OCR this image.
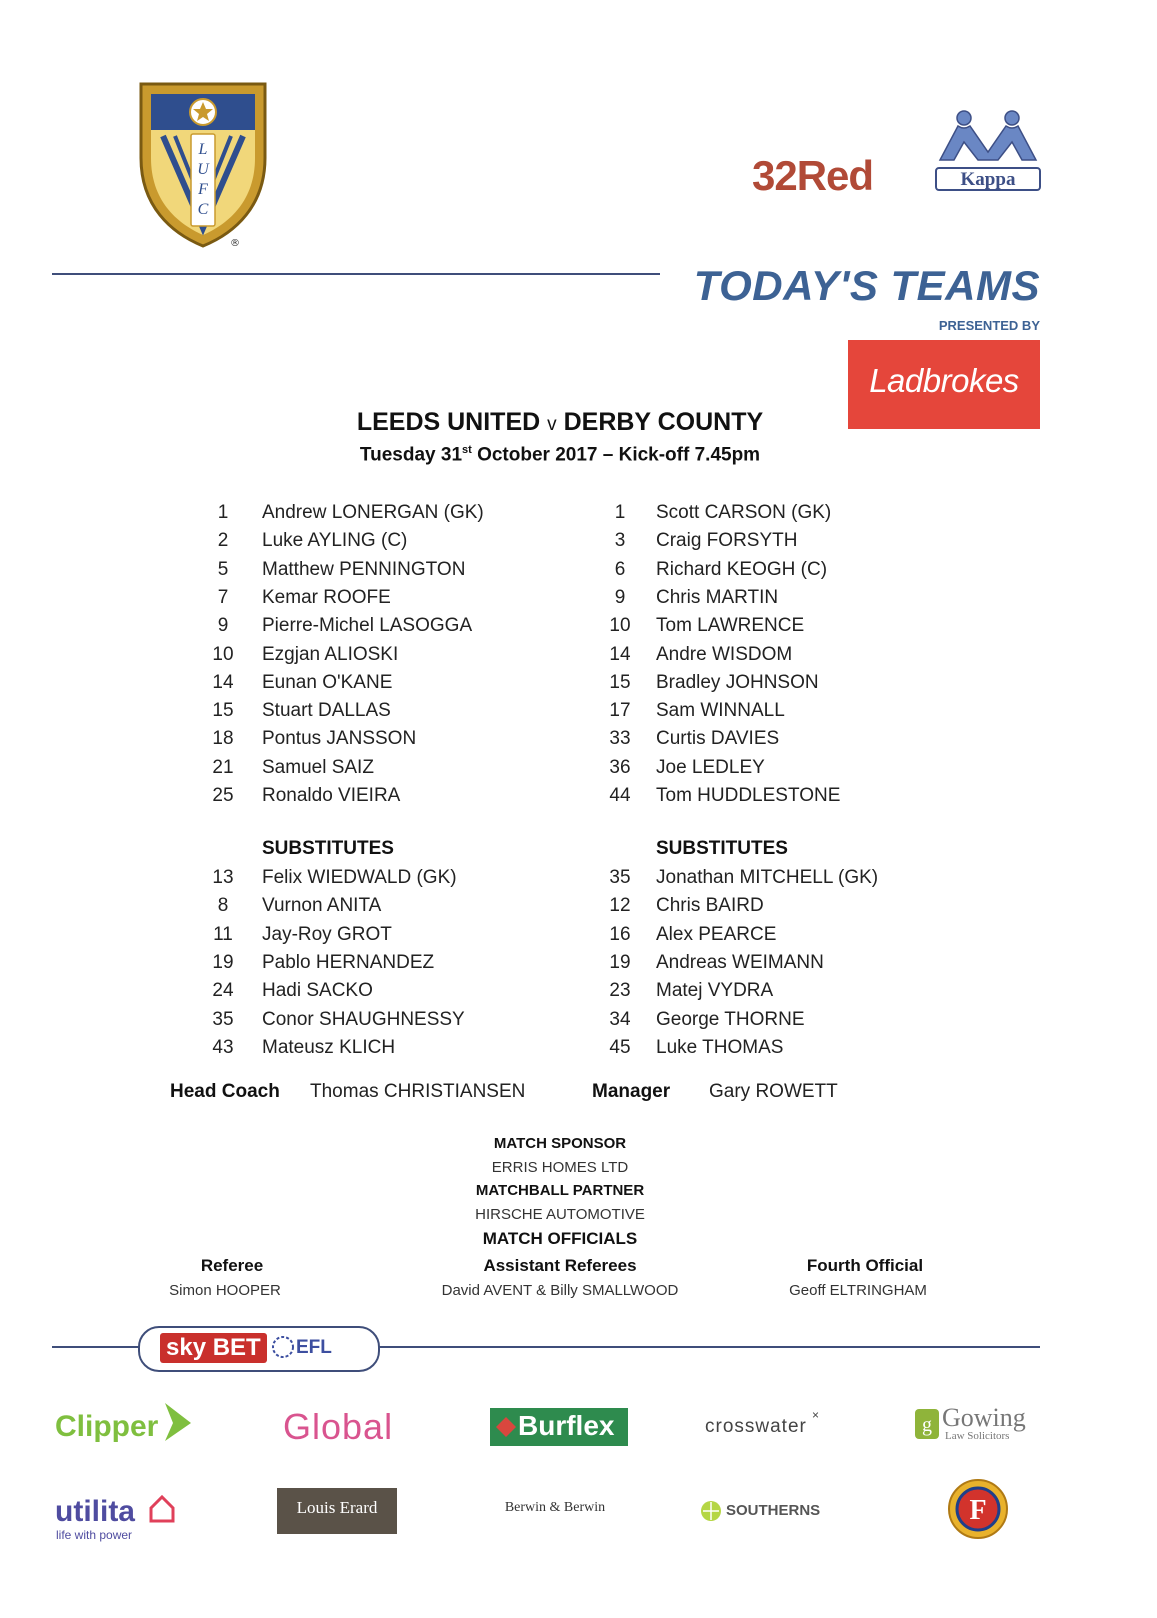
L
U
F
C
®
32Red	Kappa
TODAY'S TEAMS
PRESENTED BY
Ladbrokes
LEEDS UNITED v DERBY COUNTY
Tuesday 31st October 2017 – Kick-off 7.45pm
1	Andrew LONERGAN (GK)
2	Luke AYLING (C)
5	Matthew PENNINGTON
7	Kemar ROOFE
9	Pierre-Michel LASOGGA
10	Ezgjan ALIOSKI
14	Eunan O'KANE
15	Stuart DALLAS
18	Pontus JANSSON
21	Samuel SAIZ
25	Ronaldo VIEIRA
1	Scott CARSON (GK)
3	Craig FORSYTH
6	Richard KEOGH (C)
9	Chris MARTIN
10	Tom LAWRENCE
14	Andre WISDOM
15	Bradley JOHNSON
17	Sam WINNALL
33	Curtis DAVIES
36	Joe LEDLEY
44	Tom HUDDLESTONE
13	Felix WIEDWALD (GK)
8	Vurnon ANITA
11	Jay-Roy GROT
19	Pablo HERNANDEZ
24	Hadi SACKO
35	Conor SHAUGHNESSY
43	Mateusz KLICH
35	Jonathan MITCHELL (GK)
12	Chris BAIRD
16	Alex PEARCE
19	Andreas WEIMANN
23	Matej VYDRA
34	George THORNE
45	Luke THOMAS
SUBSTITUTES	SUBSTITUTES
Head Coach Thomas CHRISTIANSEN	Manager Gary ROWETT
MATCH SPONSOR
ERRIS HOMES LTD
MATCHBALL PARTNER
HIRSCHE AUTOMOTIVE
MATCH OFFICIALS
Referee
Simon HOOPER
Assistant Referees
David AVENT & Billy SMALLWOOD
Fourth Official
Geoff ELTRINGHAM
sky BET	EFL
Clipper	Global	Burflex	crosswater
×	g Gowing
Law Solicitors
utilita
life with power
Louis Erard	Berwin & Berwin	SOUTHERNS	F
